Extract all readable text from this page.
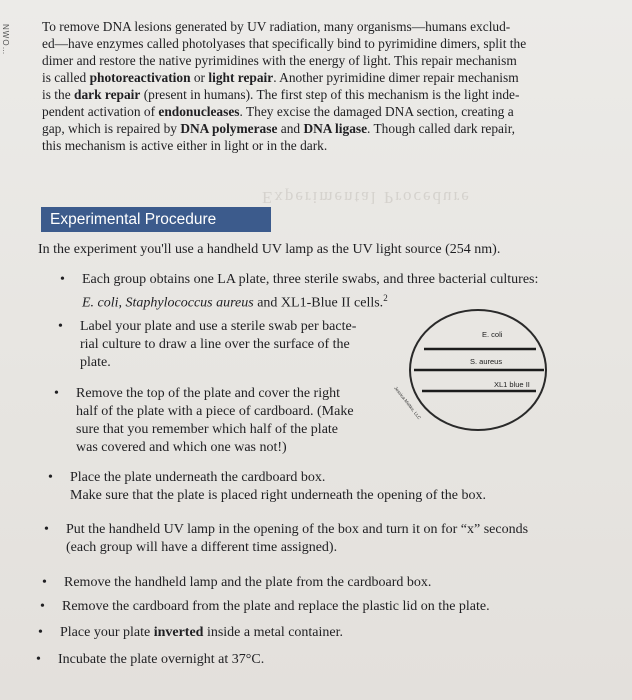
NWO… To remove DNA lesions generated by UV radiation, many organisms—humans exclud-
ed—have enzymes called photolyases that specifically bind to pyrimidine dimers, split the
dimer and restore the native pyrimidines with the energy of light. This repair mechanism
is called photoreactivation or light repair. Another pyrimidine dimer repair mechanism
is the dark repair (present in humans). The first step of this mechanism is the light inde-
pendent activation of endonucleases. They excise the damaged DNA section, creating a
gap, which is repaired by DNA polymerase and DNA ligase. Though called dark repair,
this mechanism is active either in light or in the dark.

Experimental Procedure
Experimental Procedure

In the experiment you'll use a handheld UV lamp as the UV light source (254 nm).

• Each group obtains one LA plate, three sterile swabs, and three bacterial cultures:

E. coli, Staphylococcus aureus and XL1-Blue II cells.$^2$

• Label your plate and use a sterile swab per bacte-

rial culture to draw a line over the surface of the

plate.

• Remove the top of the plate and cover the right

half of the plate with a piece of cardboard. (Make

sure that you remember which half of the plate

was covered and which one was not!)

• Place the plate underneath the cardboard box.

Make sure that the plate is placed right underneath the opening of the box.

• Put the handheld UV lamp in the opening of the box and turn it on for “x” seconds

(each group will have a different time assigned).

• Remove the handheld lamp and the plate from the cardboard box.

• Remove the cardboard from the plate and replace the plastic lid on the plate.

• Place your plate inverted inside a metal container.

• Incubate the plate overnight at 37°C.

E. coli
S. aureus
XL1 blue II
Jessica Moltke, LLC
